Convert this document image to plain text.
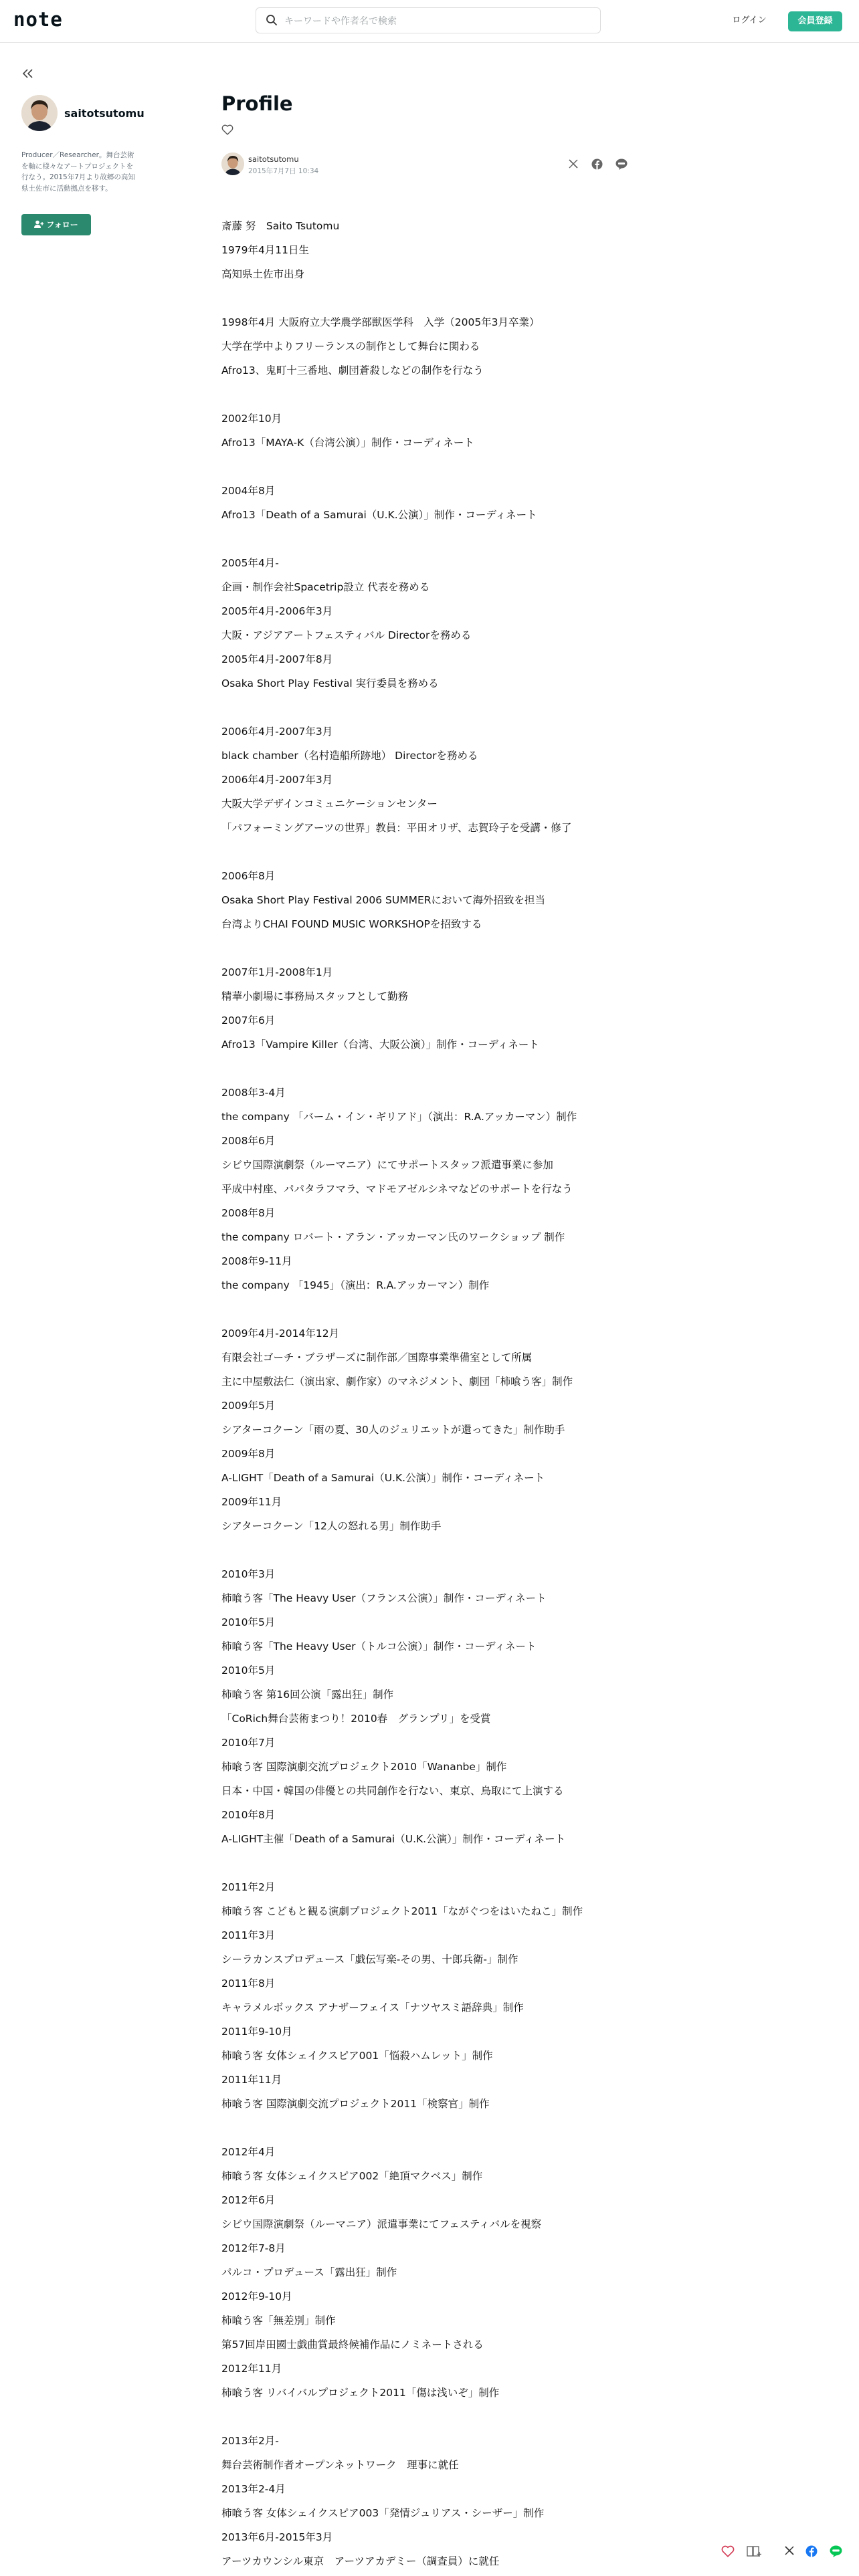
note
キーワードや作者名で検索	ログイン	会員登録
saitotsutomu
Producer／Researcher。舞台芸術を軸に様々なアートプロジェクトを行なう。2015年7月より故郷の高知県土佐市に活動拠点を移す。
フォロー
Profile
saitotsutomu
2015年7月7日 10:34

斎藤 努　Saito Tsutomu

1979年4月11日生

高知県土佐市出身

1998年4月 大阪府立大学農学部獣医学科　入学（2005年3月卒業）

大学在学中よりフリーランスの制作として舞台に関わる

Afro13、鬼町十三番地、劇団蒼殺しなどの制作を行なう

2002年10月

Afro13「MAYA-K（台湾公演）」制作・コーディネート

2004年8月

Afro13「Death of a Samurai（U.K.公演）」制作・コーディネート

2005年4月-

企画・制作会社Spacetrip設立 代表を務める

2005年4月-2006年3月

大阪・アジアアートフェスティバル Directorを務める

2005年4月-2007年8月

Osaka Short Play Festival 実行委員を務める

2006年4月-2007年3月

black chamber（名村造船所跡地） Directorを務める

2006年4月-2007年3月

大阪大学デザインコミュニケーションセンター

「パフォーミングアーツの世界」教員：平田オリザ、志賀玲子を受講・修了

2006年8月

Osaka Short Play Festival 2006 SUMMERにおいて海外招致を担当

台湾よりCHAI FOUND MUSIC WORKSHOPを招致する

2007年1月-2008年1月

精華小劇場に事務局スタッフとして勤務

2007年6月

Afro13「Vampire Killer（台湾、大阪公演）」制作・コーディネート

2008年3-4月

the company 「バーム・イン・ギリアド」（演出：R.A.アッカーマン）制作

2008年6月

シビウ国際演劇祭（ルーマニア）にてサポートスタッフ派遣事業に参加

平成中村座、パパタラフマラ、マドモアゼルシネマなどのサポートを行なう

2008年8月

the company ロバート・アラン・アッカーマン氏のワークショップ 制作

2008年9-11月

the company 「1945」（演出：R.A.アッカーマン）制作

2009年4月-2014年12月

有限会社ゴーチ・ブラザーズに制作部／国際事業準備室として所属

主に中屋敷法仁（演出家、劇作家）のマネジメント、劇団「柿喰う客」制作

2009年5月

シアターコクーン「雨の夏、30人のジュリエットが還ってきた」制作助手

2009年8月

A-LIGHT「Death of a Samurai（U.K.公演）」制作・コーディネート

2009年11月

シアターコクーン「12人の怒れる男」制作助手

2010年3月

柿喰う客「The Heavy User（フランス公演）」制作・コーディネート

2010年5月

柿喰う客「The Heavy User（トルコ公演）」制作・コーディネート

2010年5月

柿喰う客 第16回公演「露出狂」制作

「CoRich舞台芸術まつり！2010春　グランプリ」を受賞

2010年7月

柿喰う客 国際演劇交流プロジェクト2010「Wananbe」制作

日本・中国・韓国の俳優との共同創作を行ない、東京、鳥取にて上演する

2010年8月

A-LIGHT主催「Death of a Samurai（U.K.公演）」制作・コーディネート

2011年2月

柿喰う客 こどもと観る演劇プロジェクト2011「ながぐつをはいたねこ」制作

2011年3月

シーラカンスプロデュース「戯伝写楽-その男、十郎兵衛-」制作

2011年8月

キャラメルボックス アナザーフェイス「ナツヤスミ語辞典」制作

2011年9-10月

柿喰う客 女体シェイクスピア001「悩殺ハムレット」制作

2011年11月

柿喰う客 国際演劇交流プロジェクト2011「検察官」制作

2012年4月

柿喰う客 女体シェイクスピア002「絶頂マクベス」制作

2012年6月

シビウ国際演劇祭（ルーマニア）派遣事業にてフェスティバルを視察

2012年7-8月

パルコ・プロデュース「露出狂」制作

2012年9-10月

柿喰う客「無差別」制作

第57回岸田國士戯曲賞最終候補作品にノミネートされる

2012年11月

柿喰う客 リバイバルプロジェクト2011「傷は浅いぞ」制作

2013年2月-

舞台芸術制作者オープンネットワーク　理事に就任

2013年2-4月

柿喰う客 女体シェイクスピア003「発情ジュリアス・シーザー」制作

2013年6月-2015年3月

アーツカウンシル東京　アーツアカデミー（調査員）に就任
